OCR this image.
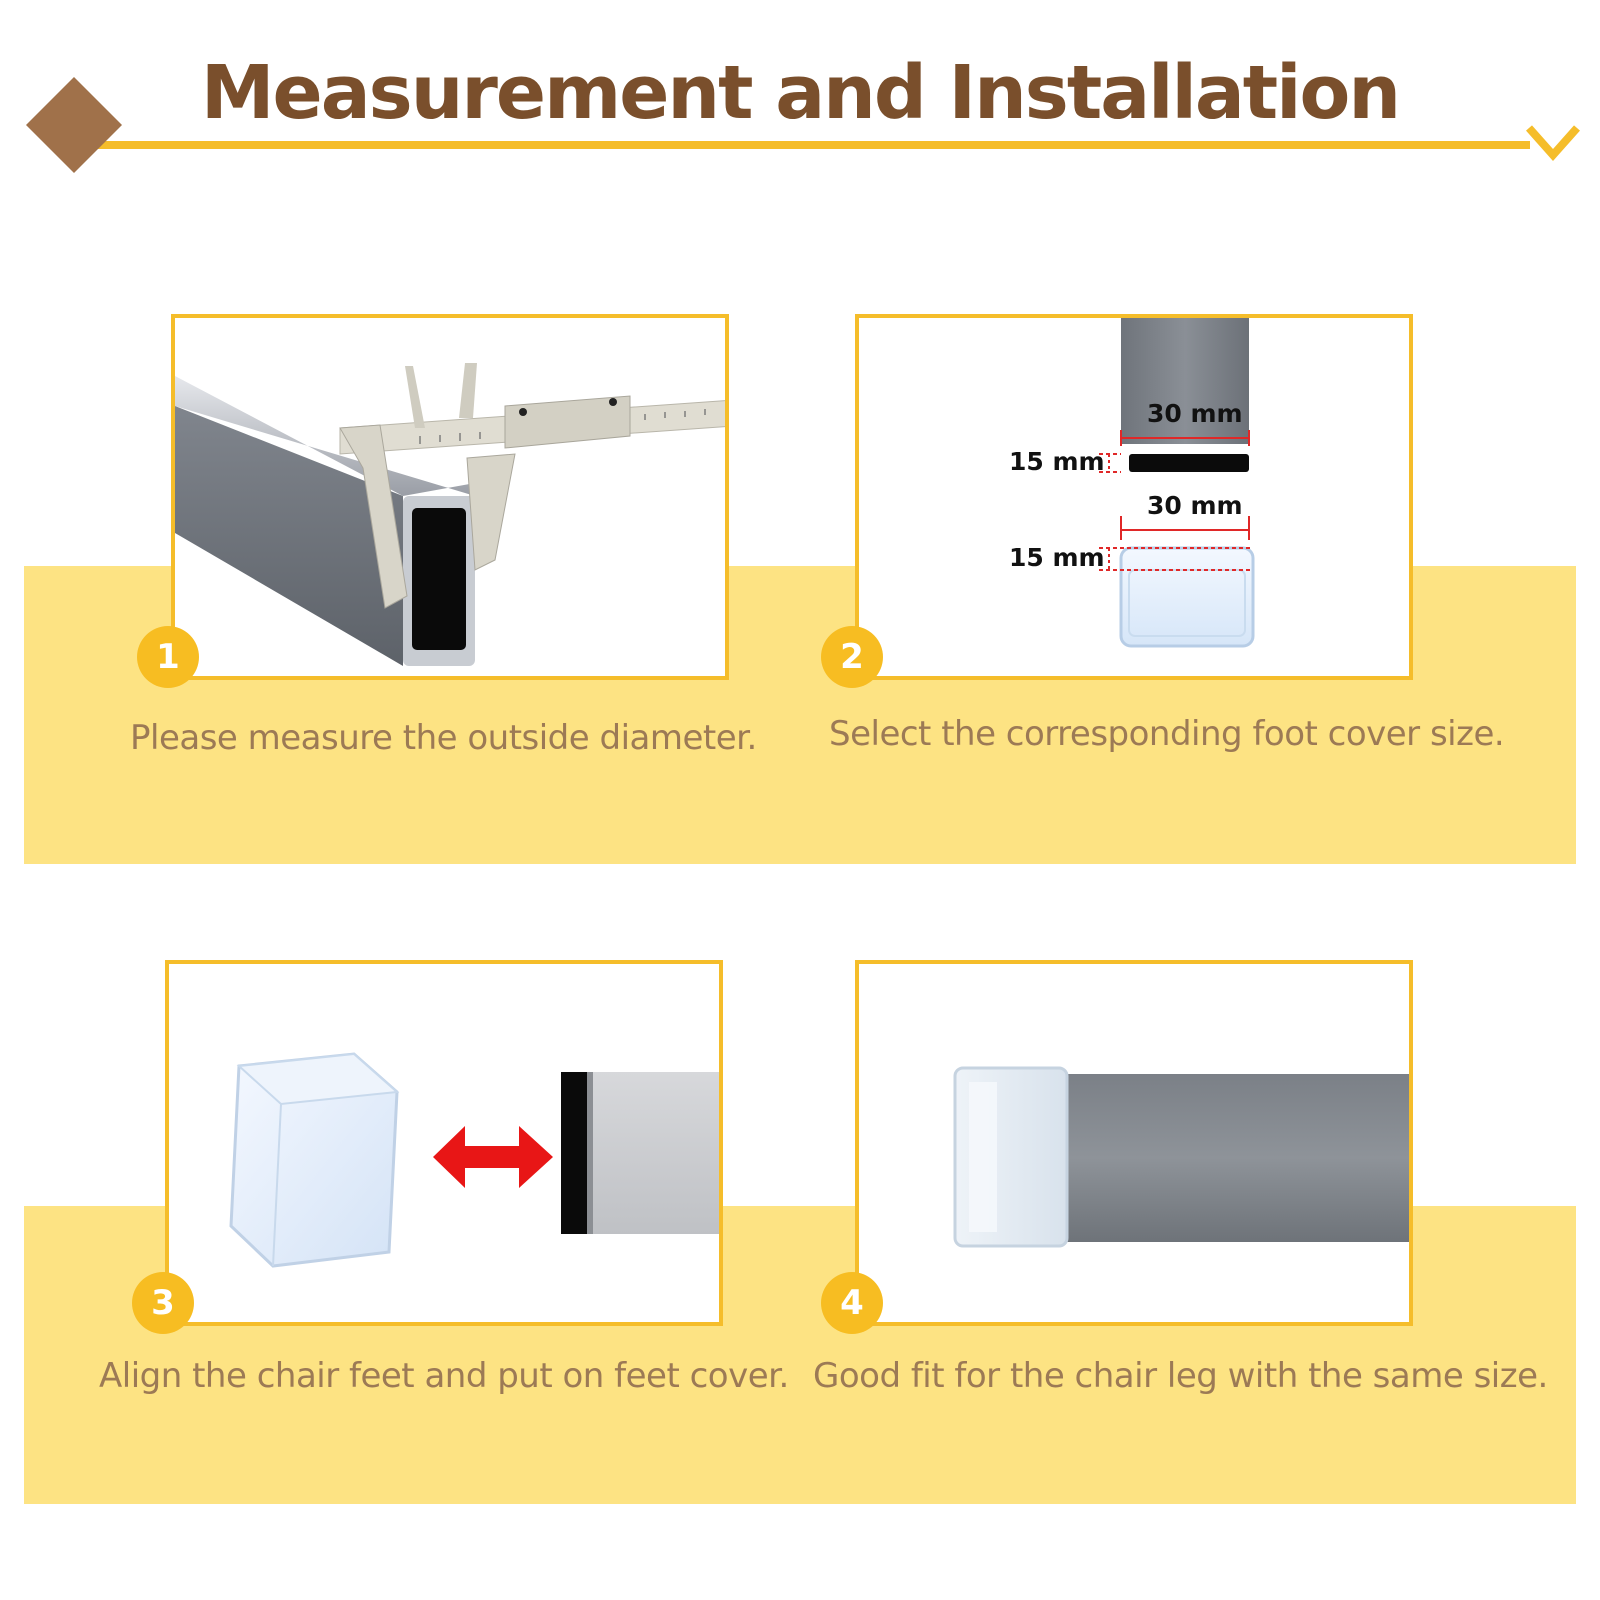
Measurement and Installation
1
Please measure the outside diameter.
30 mm
15 mm
30 mm
15 mm
2
Select the corresponding foot cover size.
3
Align the chair feet and put on feet cover.
4
Good fit for the chair leg with the same size.
